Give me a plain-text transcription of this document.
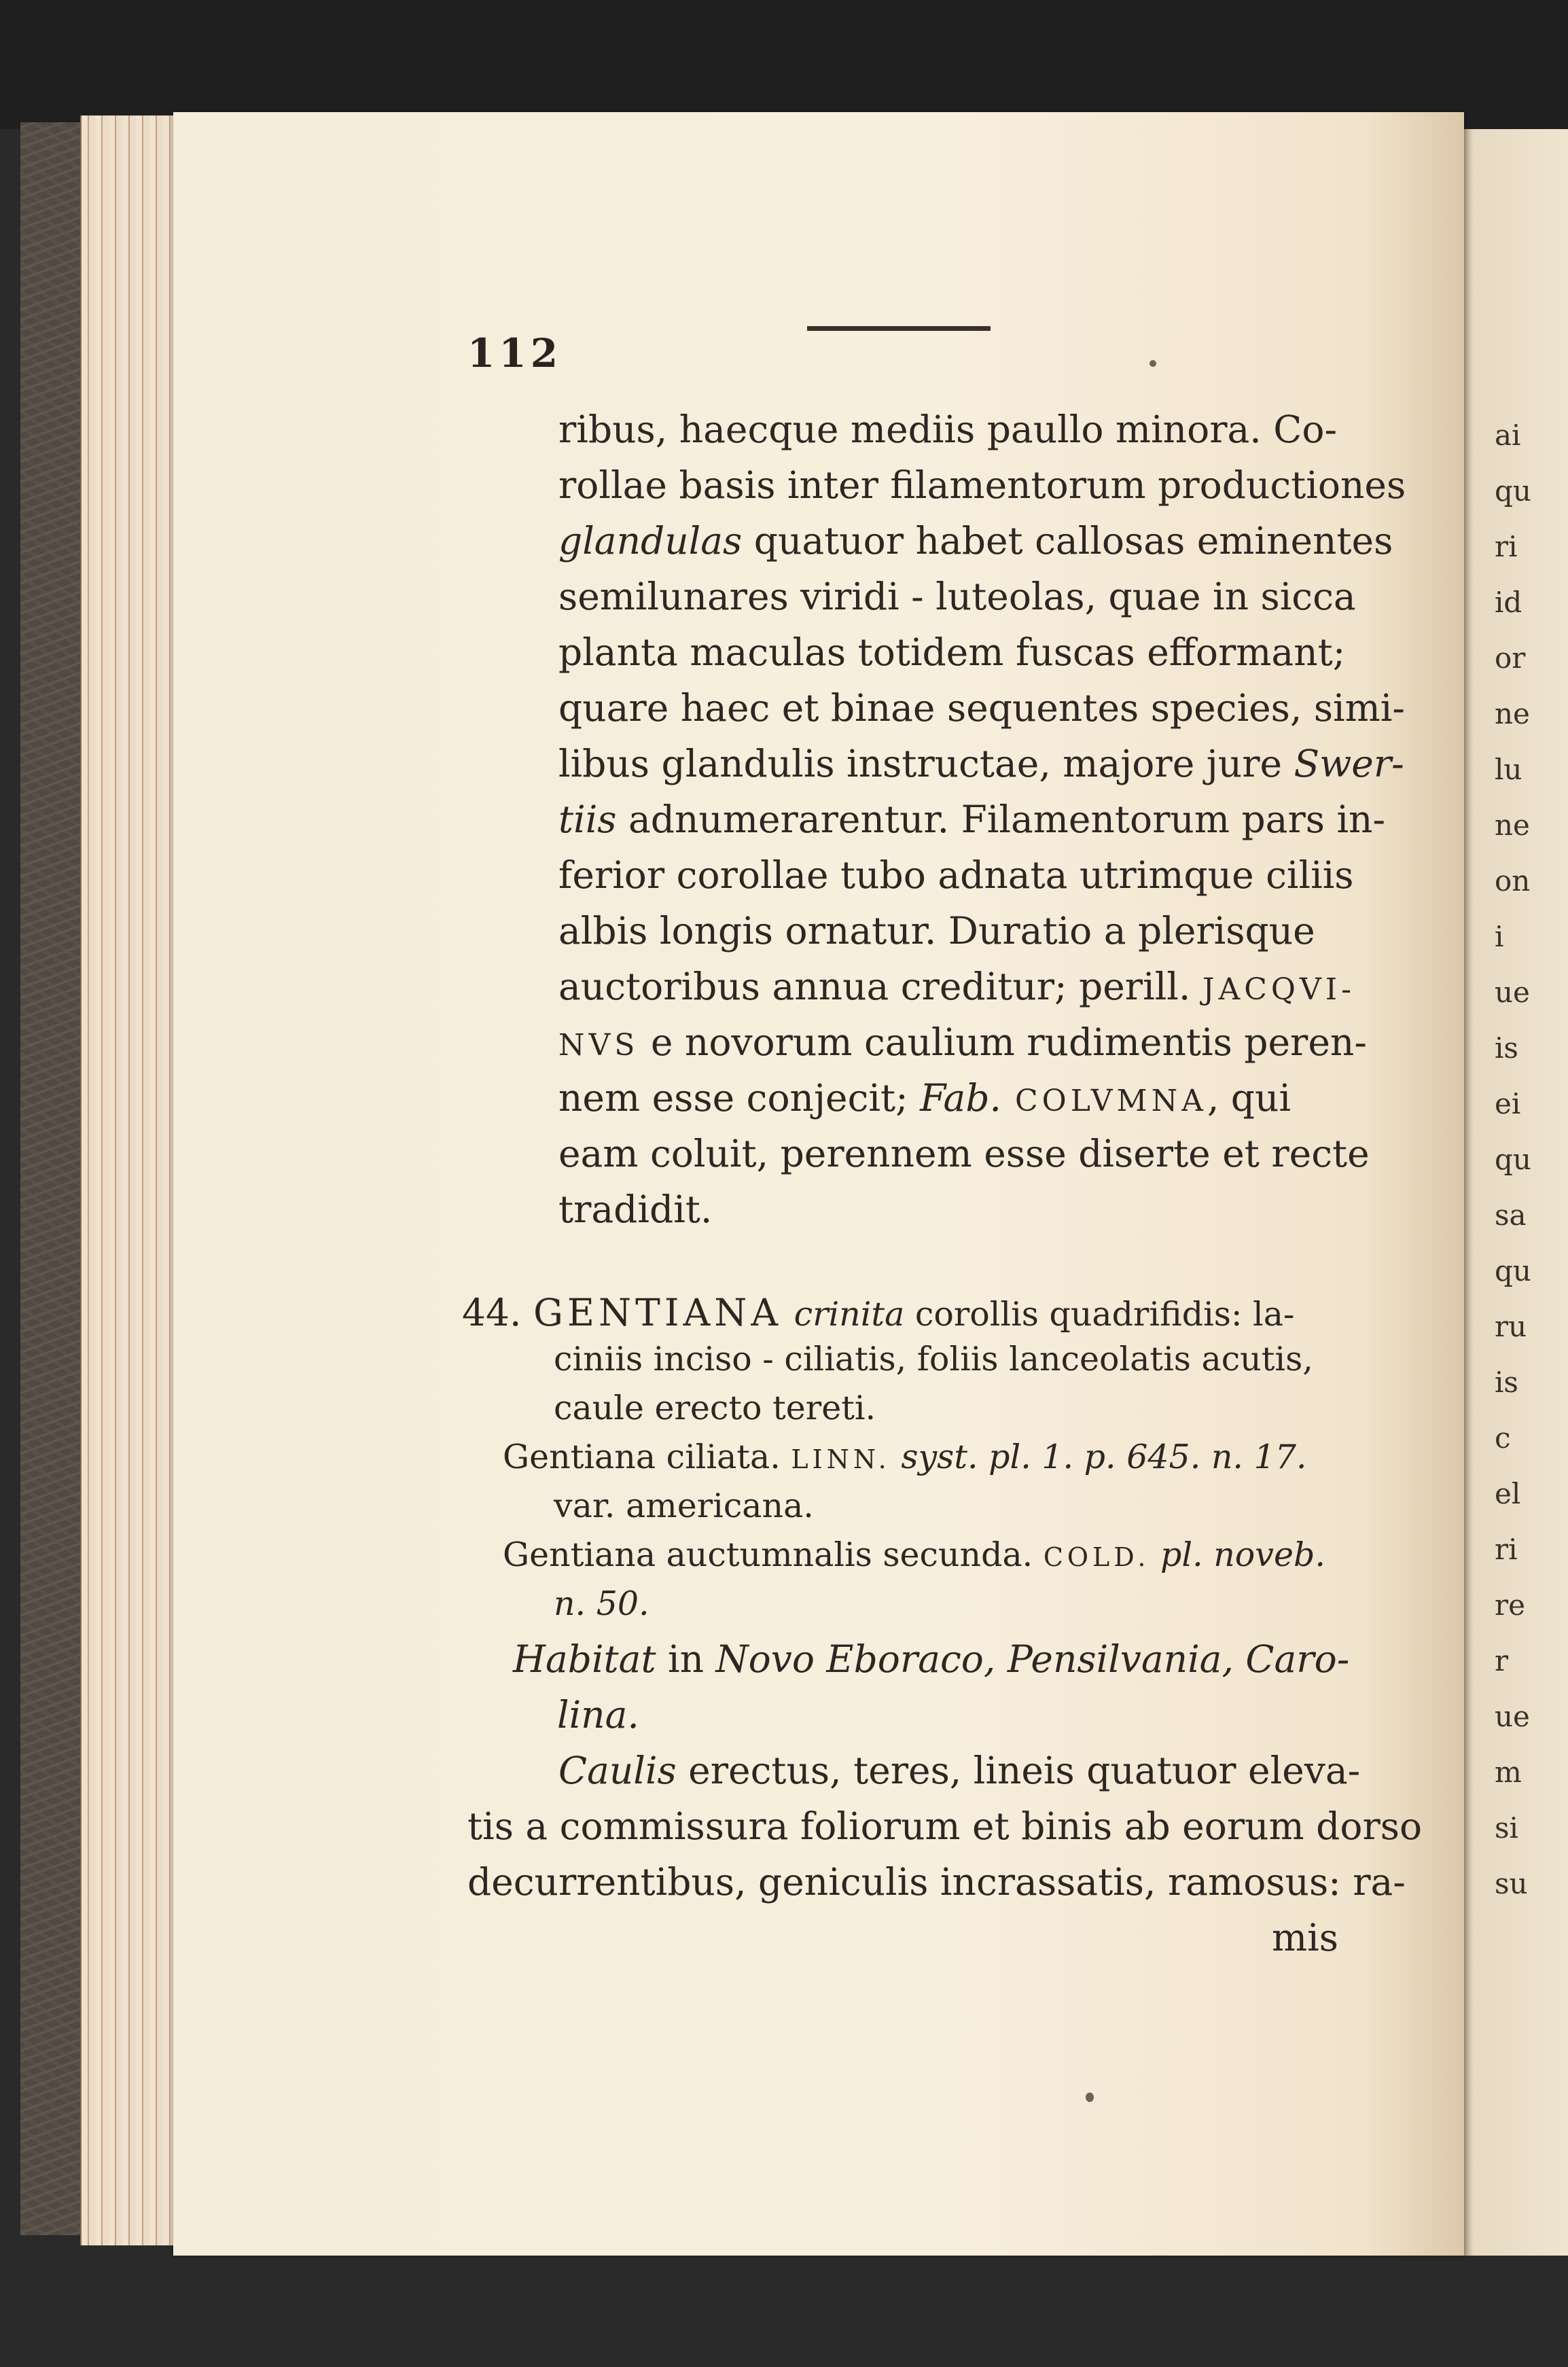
ai
qu
ri
id
or
ne
lu
ne
on
i
ue
is
ei
qu
sa
qu
ru
is
c
el
ri
re
r
ue
m
si
su
112
ribus, haecque mediis paullo minora. Co-
rollae basis inter filamentorum productiones
glandulas quatuor habet callosas eminentes
semilunares viridi - luteolas, quae in sicca
planta maculas totidem fuscas efformant;
quare haec et binae sequentes species, simi-
libus glandulis instructae, majore jure Swer-
tiis adnumerarentur. Filamentorum pars in-
ferior corollae tubo adnata utrimque ciliis
albis longis ornatur. Duratio a plerisque
auctoribus annua creditur; perill. JACQVI-
NVS e novorum caulium rudimentis peren-
nem esse conjecit; Fab. COLVMNA, qui
eam coluit, perennem esse diserte et recte
tradidit.
44. GENTIANA crinita corollis quadrifidis: la-
ciniis inciso - ciliatis, foliis lanceolatis acutis,
caule erecto tereti.
Gentiana ciliata. LINN. syst. pl. 1. p. 645. n. 17.
var. americana.
Gentiana auctumnalis secunda. COLD. pl. noveb.
n. 50.
Habitat in Novo Eboraco, Pensilvania, Caro-
lina.
Caulis erectus, teres, lineis quatuor eleva-
tis a commissura foliorum et binis ab eorum dorso
decurrentibus, geniculis incrassatis, ramosus: ra-
mis
